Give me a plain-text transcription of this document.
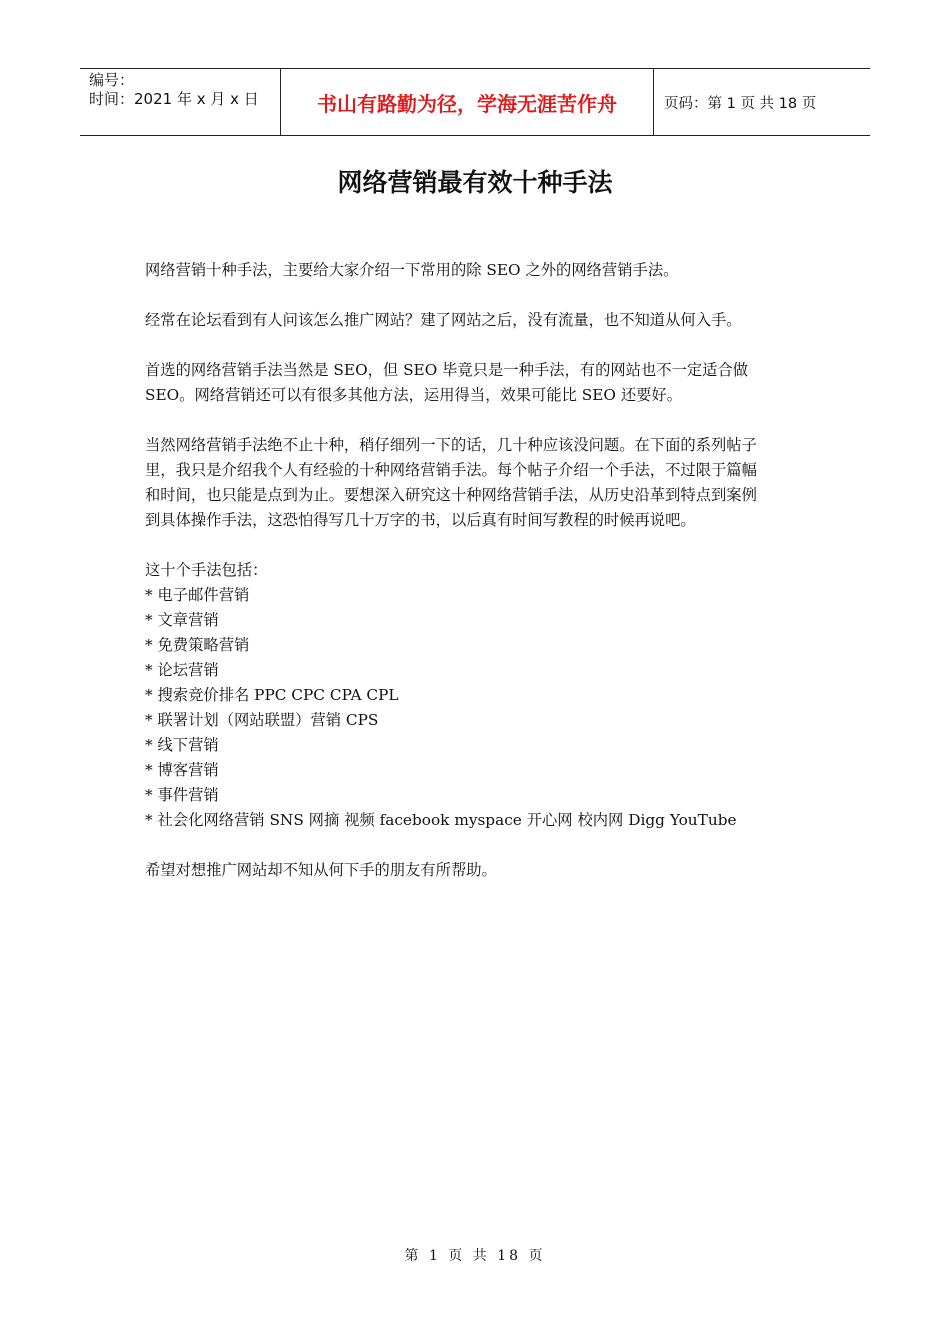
编号：
时间：2021 年 x 月 x 日	书山有路勤为径，学海无涯苦作舟	页码：第 1 页 共 18 页
网络营销最有效十种手法

网络营销十种手法，主要给大家介绍一下常用的除 SEO 之外的网络营销手法。

经常在论坛看到有人问该怎么推广网站？建了网站之后，没有流量，也不知道从何入手。

首选的网络营销手法当然是 SEO，但 SEO 毕竟只是一种手法，有的网站也不一定适合做 SEO。网络营销还可以有很多其他方法，运用得当，效果可能比 SEO 还要好。

当然网络营销手法绝不止十种，稍仔细列一下的话，几十种应该没问题。在下面的系列帖子里，我只是介绍我个人有经验的十种网络营销手法。每个帖子介绍一个手法，不过限于篇幅和时间，也只能是点到为止。要想深入研究这十种网络营销手法，从历史沿革到特点到案例到具体操作手法，这恐怕得写几十万字的书，以后真有时间写教程的时候再说吧。

这十个手法包括：
* 电子邮件营销
* 文章营销
* 免费策略营销
* 论坛营销
* 搜索竞价排名 PPC CPC CPA CPL
* 联署计划（网站联盟）营销 CPS
* 线下营销
* 博客营销
* 事件营销
* 社会化网络营销 SNS 网摘 视频 facebook myspace 开心网 校内网 Digg YouTube

希望对想推广网站却不知从何下手的朋友有所帮助。

第 1 页 共 18 页
